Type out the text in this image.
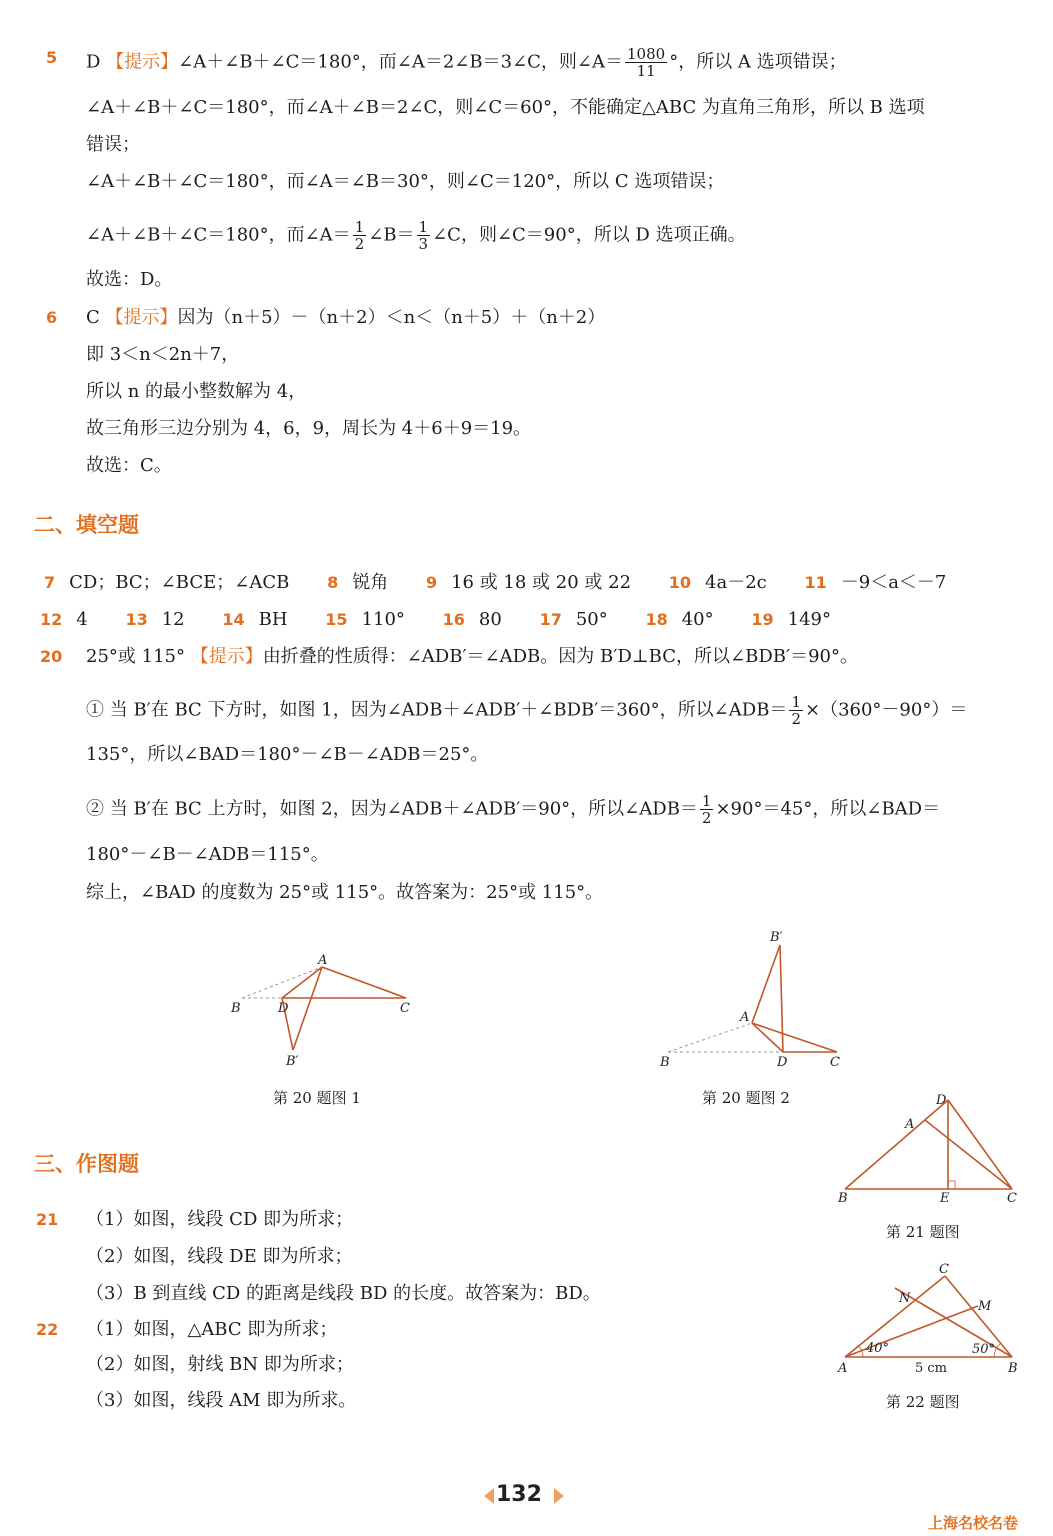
5 D 【提示】∠A＋∠B＋∠C＝180°，而∠A＝2∠B＝3∠C，则∠A＝ $\frac{1080}{11}$ °，所以 A 选项错误；
∠A＋∠B＋∠C＝180°，而∠A＋∠B＝2∠C，则∠C＝60°，不能确定△ABC 为直角三角形，所以 B 选项
错误；
∠A＋∠B＋∠C＝180°，而∠A＝∠B＝30°，则∠C＝120°，所以 C 选项错误；
∠A＋∠B＋∠C＝180°，而∠A＝ $\frac{1}{2}$ ∠B＝ $\frac{1}{3}$ ∠C，则∠C＝90°，所以 D 选项正确。
故选：D。
6 C 【提示】因为（n＋5）－（n＋2）＜n＜（n＋5）＋（n＋2）
即 3＜n＜2n＋7，
所以 n 的最小整数解为 4，
故三角形三边分别为 4，6，9，周长为 4＋6＋9＝19。
故选：C。
二、填空题
7 CD；BC；∠BCE；∠ACB 8 锐角 9 16 或 18 或 20 或 22 10 4a－2c 11 －9＜a＜－7
12 4 13 12 14 BH 15 110° 16 80 17 50° 18 40° 19 149°
20 25°或 115° 【提示】由折叠的性质得：∠ADB′＝∠ADB。因为 B′D⊥BC，所以∠BDB′＝90°。
① 当 B′在 BC 下方时，如图 1，因为∠ADB＋∠ADB′＋∠BDB′＝360°，所以∠ADB＝ $\frac{1}{2} \times(360^\circ-90^\circ)=$
135°，所以∠BAD＝180°－∠B－∠ADB＝25°。
② 当 B′在 BC 上方时，如图 2，因为∠ADB＋∠ADB′＝90°，所以∠ADB＝ $\frac{1}{2} \times 90^\circ=45^\circ$，所以∠BAD＝
180°－∠B－∠ADB＝115°。
综上，∠BAD 的度数为 25°或 115°。故答案为：25°或 115°。
A
B	D	C
B′
第 20 题图 1
B′
A
B	D	C
第 20 题图 2
三、作图题
D
A
B	E	C
第 21 题图
21 （1）如图，线段 CD 即为所求；
（2）如图，线段 DE 即为所求；
（3）B 到直线 CD 的距离是线段 BD 的长度。故答案为：BD。
C
N
M
40°	50°
A	5 cm	B
第 22 题图
22 （1）如图，△ABC 即为所求；
（2）如图，射线 BN 即为所求；
（3）如图，线段 AM 即为所求。
132
上海名校名卷
